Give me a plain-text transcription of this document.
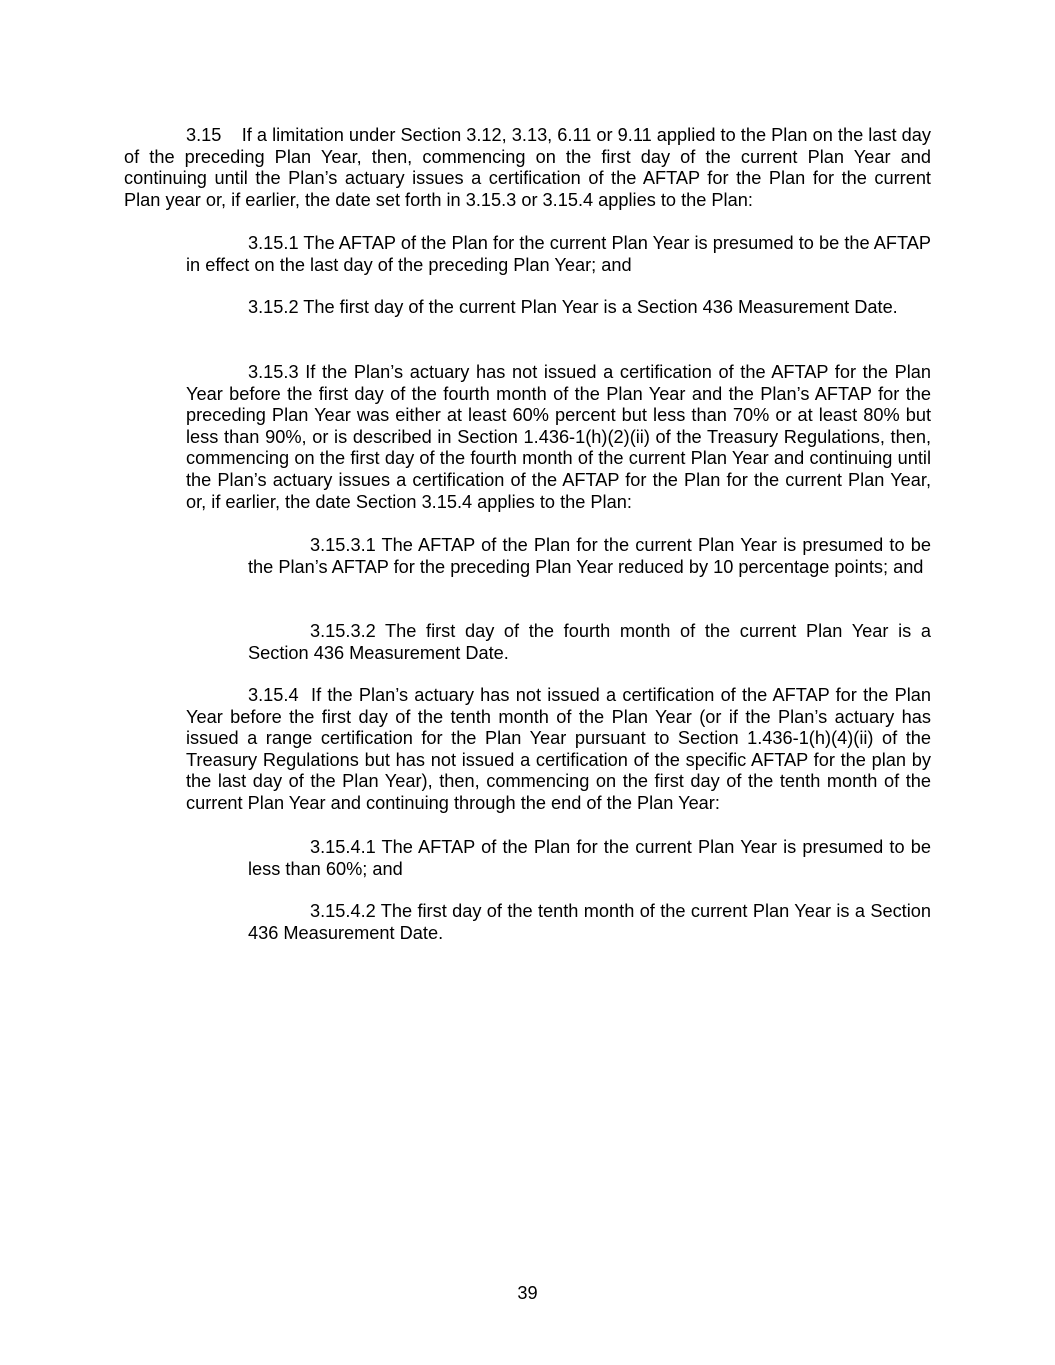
3.15    If a limitation under Section 3.12, 3.13, 6.11 or 9.11 applied to the Plan on the last day of the preceding Plan Year, then, commencing on the first day of the current Plan Year and continuing until the Plan’s actuary issues a certification of the AFTAP for the Plan for the current Plan year or, if earlier, the date set forth in 3.15.3 or 3.15.4 applies to the Plan:

3.15.1 The AFTAP of the Plan for the current Plan Year is presumed to be the AFTAP in effect on the last day of the preceding Plan Year; and

3.15.2 The first day of the current Plan Year is a Section 436 Measurement Date.

3.15.3 If the Plan’s actuary has not issued a certification of the AFTAP for the Plan Year before the first day of the fourth month of the Plan Year and the Plan’s AFTAP for the preceding Plan Year was either at least 60% percent but less than 70% or at least 80% but less than 90%, or is described in Section 1.436-1(h)(2)(ii) of the Treasury Regulations, then, commencing on the first day of the fourth month of the current Plan Year and continuing until the Plan’s actuary issues a certification of the AFTAP for the Plan for the current Plan Year, or, if earlier, the date Section 3.15.4 applies to the Plan:

3.15.3.1 The AFTAP of the Plan for the current Plan Year is presumed to be the Plan’s AFTAP for the preceding Plan Year reduced by 10 percentage points; and

3.15.3.2 The first day of the fourth month of the current Plan Year is a Section 436 Measurement Date.

3.15.4  If the Plan’s actuary has not issued a certification of the AFTAP for the Plan Year before the first day of the tenth month of the Plan Year (or if the Plan’s actuary has issued a range certification for the Plan Year pursuant to Section 1.436-1(h)(4)(ii) of the Treasury Regulations but has not issued a certification of the specific AFTAP for the plan by the last day of the Plan Year), then, commencing on the first day of the tenth month of the current Plan Year and continuing through the end of the Plan Year:

3.15.4.1 The AFTAP of the Plan for the current Plan Year is presumed to be less than 60%; and

3.15.4.2 The first day of the tenth month of the current Plan Year is a Section 436 Measurement Date.

39
